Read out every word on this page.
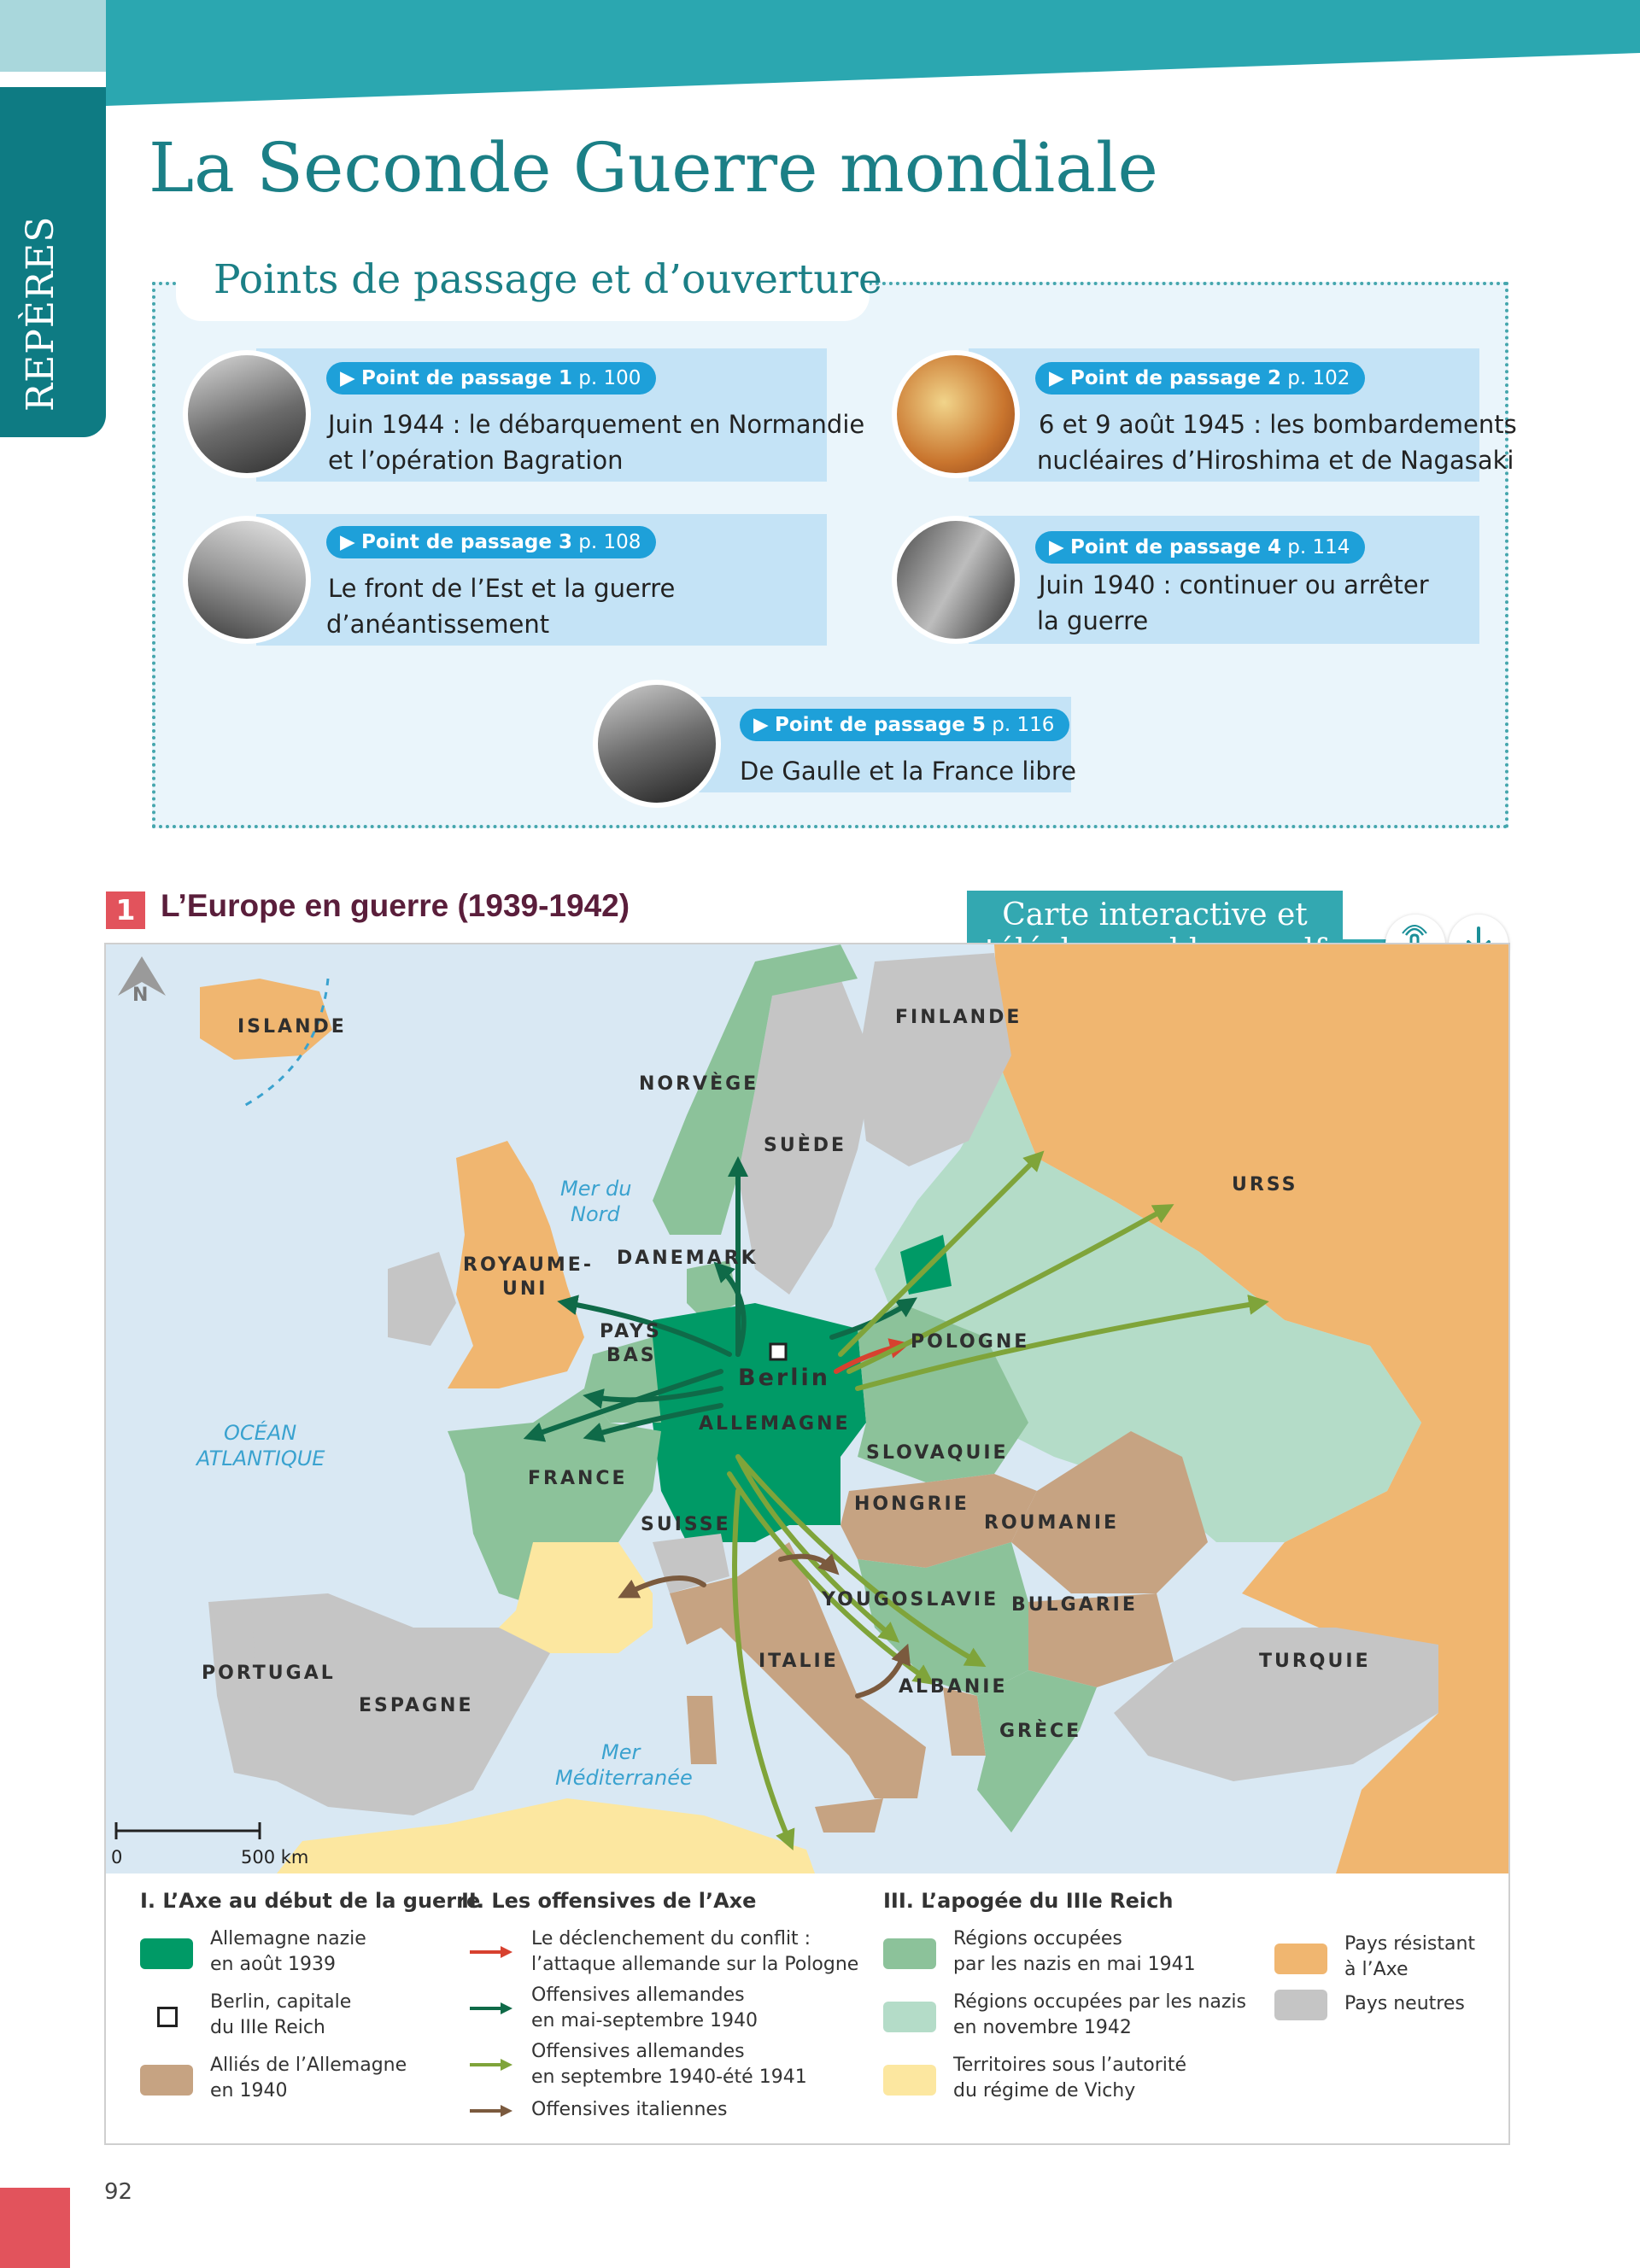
REPÈRES
La Seconde Guerre mondiale
Points de passage et d’ouverture
▶ Point de passage 1 p. 100
Juin 1944 : le débarquement en Normandie
et l’opération Bagration
▶ Point de passage 2 p. 102
6 et 9 août 1945 : les bombardements
nucléaires d’Hiroshima et de Nagasaki
▶ Point de passage 3 p. 108
Le front de l’Est et la guerre
d’anéantissement
▶ Point de passage 4 p. 114
Juin 1940 : continuer ou arrêter
la guerre
▶ Point de passage 5 p. 116
De Gaulle et la France libre
1 L’Europe en guerre (1939-1942)	Carte interactive et
Berlin
ISLANDE
NORVÈGE
SUÈDE
FINLANDE
URSS
DANEMARK
ROYAUME-
UNI
PAYS
BAS
POLOGNE
ALLEMAGNE
FRANCE
SLOVAQUIE
HONGRIE
ROUMANIE
SUISSE
YOUGOSLAVIE BULGARIE
ITALIE
ALBANIE
GRÈCE
TURQUIE
PORTUGAL
ESPAGNE
Mer du
Nord
OCÉAN
ATLANTIQUE
Mer
Méditerranée
N
0	500 km
I. L’Axe au début de la guerre
Allemagne nazie
en août 1939
Berlin, capitale
du IIIe Reich
Alliés de l’Allemagne
en 1940
II. Les offensives de l’Axe
Le déclenchement du conflit :
l’attaque allemande sur la Pologne
Offensives allemandes
en mai-septembre 1940
Offensives allemandes
en septembre 1940-été 1941
Offensives italiennes
III. L’apogée du IIIe Reich
Régions occupées
par les nazis en mai 1941
Régions occupées par les nazis
en novembre 1942
Territoires sous l’autorité
du régime de Vichy
Pays résistant
à l’Axe
Pays neutres
92
